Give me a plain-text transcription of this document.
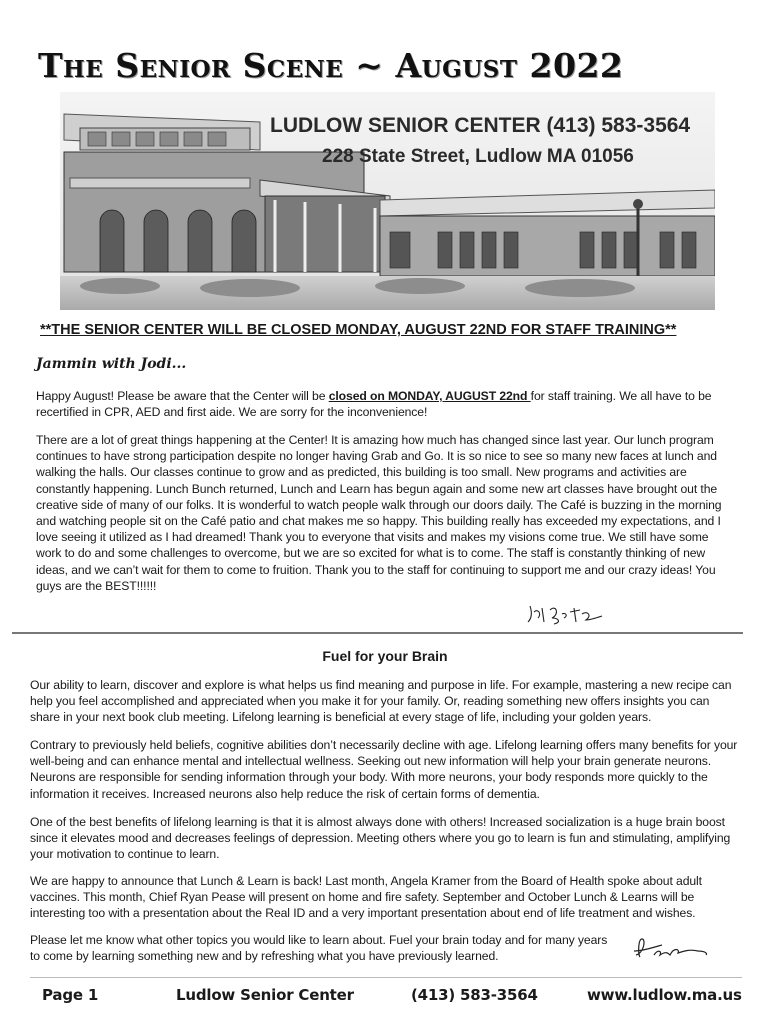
The Senior Scene ~ August 2022
LUDLOW SENIOR CENTER (413) 583-3564
228 State Street, Ludlow MA 01056
**THE SENIOR CENTER WILL BE CLOSED MONDAY, AUGUST 22ND FOR STAFF TRAINING**
Jammin with Jodi...

Happy August! Please be aware that the Center will be closed on MONDAY, AUGUST 22nd for staff training. We all have to be recertified in CPR, AED and first aide. We are sorry for the inconvenience!

There are a lot of great things happening at the Center! It is amazing how much has changed since last year. Our lunch program continues to have strong participation despite no longer having Grab and Go. It is so nice to see so many new faces at lunch and walking the halls. Our classes continue to grow and as predicted, this building is too small. New programs and activities are constantly happening. Lunch Bunch returned, Lunch and Learn has begun again and some new art classes have brought out the creative side of many of our folks. It is wonderful to watch people walk through our doors daily. The Café is buzzing in the morning and watching people sit on the Café patio and chat makes me so happy. This building really has exceeded my expectations, and I love seeing it utilized as I had dreamed! Thank you to everyone that visits and makes my visions come true. We still have some work to do and some challenges to overcome, but we are so excited for what is to come. The staff is constantly thinking of new ideas, and we can’t wait for them to come to fruition. Thank you to the staff for continuing to support me and our crazy ideas! You guys are the BEST!!!!!!

Fuel for your Brain

Our ability to learn, discover and explore is what helps us find meaning and purpose in life. For example, mastering a new recipe can help you feel accomplished and appreciated when you make it for your family. Or, reading something new offers insights you can share in your next book club meeting. Lifelong learning is beneficial at every stage of life, including your golden years.

Contrary to previously held beliefs, cognitive abilities don’t necessarily decline with age. Lifelong learning offers many benefits for your well-being and can enhance mental and intellectual wellness. Seeking out new information will help your brain generate neurons. Neurons are responsible for sending information through your body. With more neurons, your body responds more quickly to the information it receives. Increased neurons also help reduce the risk of certain forms of dementia.

One of the best benefits of lifelong learning is that it is almost always done with others! Increased socialization is a huge brain boost since it elevates mood and decreases feelings of depression. Meeting others where you go to learn is fun and stimulating, amplifying your motivation to continue to learn.

We are happy to announce that Lunch & Learn is back! Last month, Angela Kramer from the Board of Health spoke about adult vaccines. This month, Chief Ryan Pease will present on home and fire safety. September and October Lunch & Learns will be interesting too with a presentation about the Real ID and a very important presentation about end of life treatment and wishes.

Please let me know what other topics you would like to learn about. Fuel your brain today and for many years to come by learning something new and by refreshing what you have previously learned.

Page 1	Ludlow Senior Center	(413) 583-3564	www.ludlow.ma.us
